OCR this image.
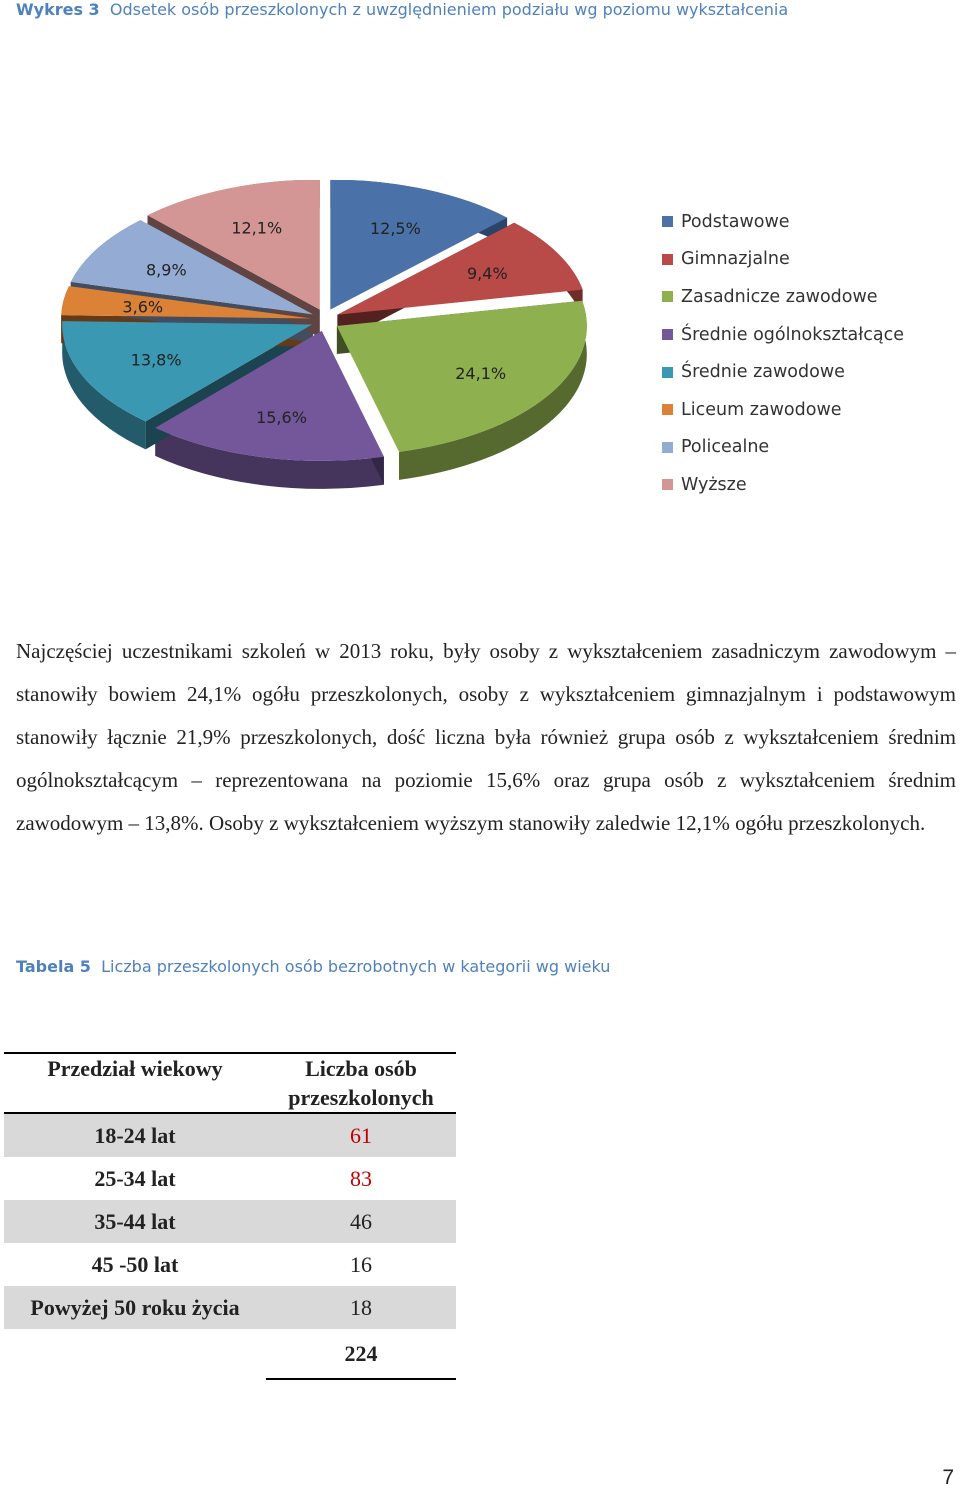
Wykres 3 Odsetek osób przeszkolonych z uwzględnieniem podziału wg poziomu wykształcenia
12,5%
9,4%
24,1%
15,6%
13,8%
3,6%
8,9%
12,1%	Podstawowe
Gimnazjalne
Zasadnicze zawodowe
Średnie ogólnokształcące
Średnie zawodowe
Liceum zawodowe
Policealne
Wyższe

Najczęściej uczestnikami szkoleń w 2013 roku, były osoby z wykształceniem zasadniczym zawodowym – stanowiły bowiem 24,1% ogółu przeszkolonych, osoby z wykształceniem gimnazjalnym i podstawowym stanowiły łącznie 21,9% przeszkolonych, dość liczna była również grupa osób z wykształceniem średnim ogólnokształcącym – reprezentowana na poziomie 15,6% oraz grupa osób z wykształceniem średnim zawodowym – 13,8%. Osoby z wykształceniem wyższym stanowiły zaledwie 12,1% ogółu przeszkolonych.

Tabela 5 Liczba przeszkolonych osób bezrobotnych w kategorii wg wieku
Przedział wiekowy	Liczba osób przeszkolonych
18-24 lat	61
25-34 lat	83
35-44 lat	46
45 -50 lat	16
Powyżej 50 roku życia	18
	224
7
